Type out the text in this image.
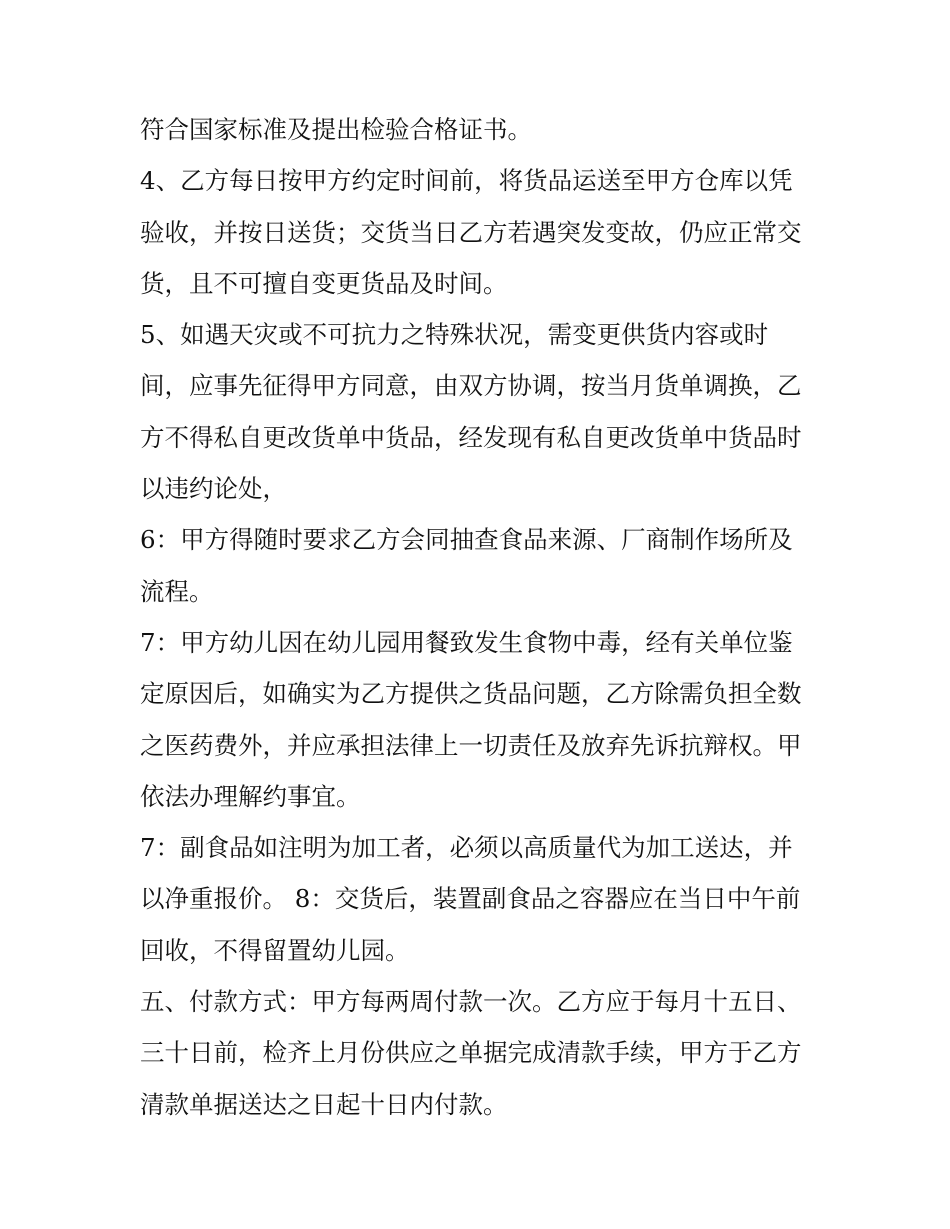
符合国家标准及提出检验合格证书。
4、乙方每日按甲方约定时间前，将货品运送至甲方仓库以凭
验收，并按日送货；交货当日乙方若遇突发变故，仍应正常交
货，且不可擅自变更货品及时间。
5、如遇天灾或不可抗力之特殊状况，需变更供货内容或时
间，应事先征得甲方同意，由双方协调，按当月货单调换，乙
方不得私自更改货单中货品，经发现有私自更改货单中货品时
以违约论处，
6：甲方得随时要求乙方会同抽查食品来源、厂商制作场所及
流程。
7：甲方幼儿因在幼儿园用餐致发生食物中毒，经有关单位鉴
定原因后，如确实为乙方提供之货品问题，乙方除需负担全数
之医药费外，并应承担法律上一切责任及放弃先诉抗辩权。甲
依法办理解约事宜。
7：副食品如注明为加工者，必须以高质量代为加工送达，并
以净重报价。 8：交货后，装置副食品之容器应在当日中午前
回收，不得留置幼儿园。
五、付款方式：甲方每两周付款一次。乙方应于每月十五日、
三十日前，检齐上月份供应之单据完成清款手续，甲方于乙方
清款单据送达之日起十日内付款。
